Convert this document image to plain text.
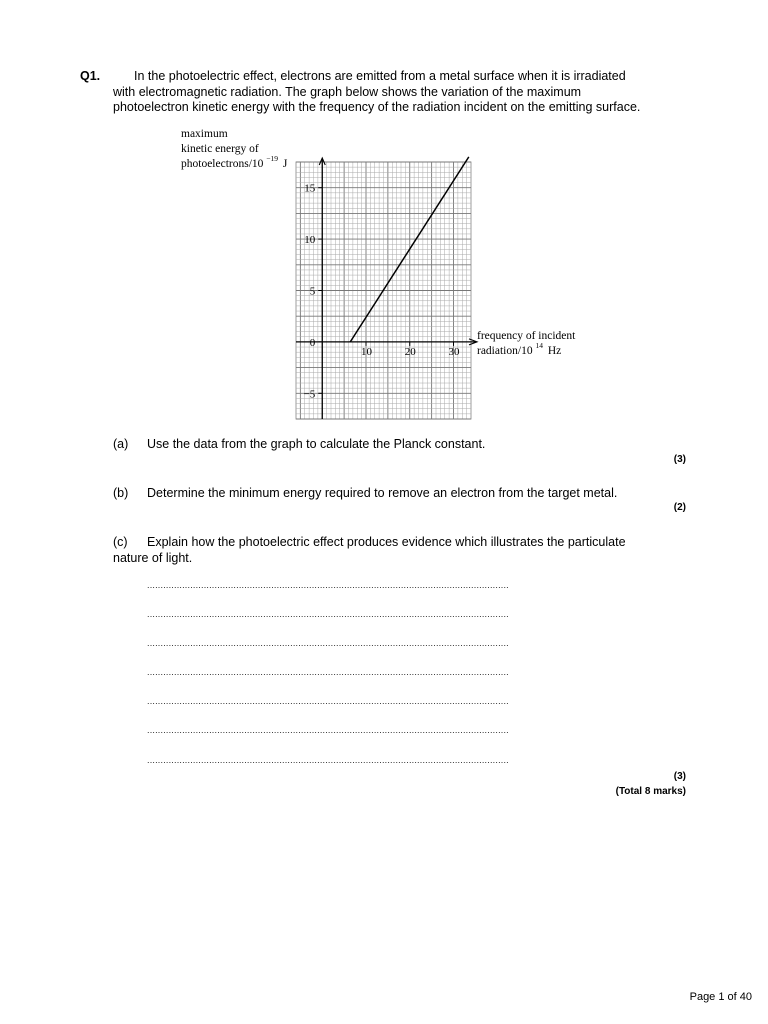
Q1.	In the photoelectric effect, electrons are emitted from a metal surface when it is irradiated
with electromagnetic radiation. The graph below shows the variation of the maximum
photoelectron kinetic energy with the frequency of the radiation incident on the emitting surface.
15
10
5
0
−5
10	20	30
maximum
kinetic energy of
photoelectrons/10 $^{-19}$ J
frequency of incident
radiation/10 $^{14}$ Hz
(a) Use the data from the graph to calculate the Planck constant.
(3)
(b) Determine the minimum energy required to remove an electron from the target metal.
(2)
(c) Explain how the photoelectric effect produces evidence which illustrates the particulate
nature of light.
......................................................................................................................................
......................................................................................................................................
......................................................................................................................................
......................................................................................................................................
......................................................................................................................................
......................................................................................................................................
......................................................................................................................................
(3)
(Total 8 marks)
Page 1 of 40
